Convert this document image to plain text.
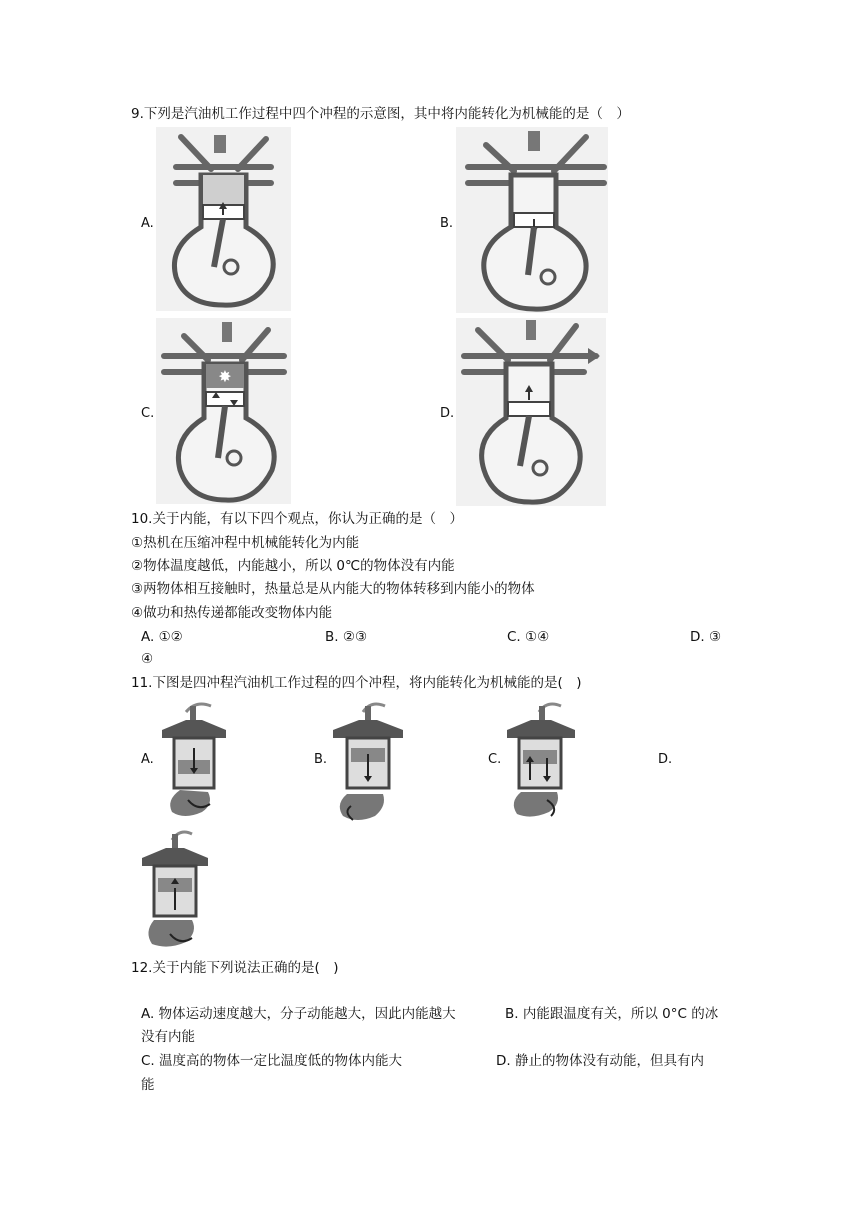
9.下列是汽油机工作过程中四个冲程的示意图，其中将内能转化为机械能的是（　）
A.	B.
C.
✸
D.
10.关于内能，有以下四个观点，你认为正确的是（　）
①热机在压缩冲程中机械能转化为内能
②物体温度越低，内能越小，所以 0℃的物体没有内能
③两物体相互接触时，热量总是从内能大的物体转移到内能小的物体
④做功和热传递都能改变物体内能
A. ①②	B. ②③	C. ①④	D. ③
④
11.下图是四冲程汽油机工作过程的四个冲程，将内能转化为机械能的是(　)
A.	B.	C.	D.
12.关于内能下列说法正确的是(　)
A. 物体运动速度越大，分子动能越大，因此内能越大	B. 内能跟温度有关，所以 0°C 的冰
没有内能
C. 温度高的物体一定比温度低的物体内能大	D. 静止的物体没有动能，但具有内
能
